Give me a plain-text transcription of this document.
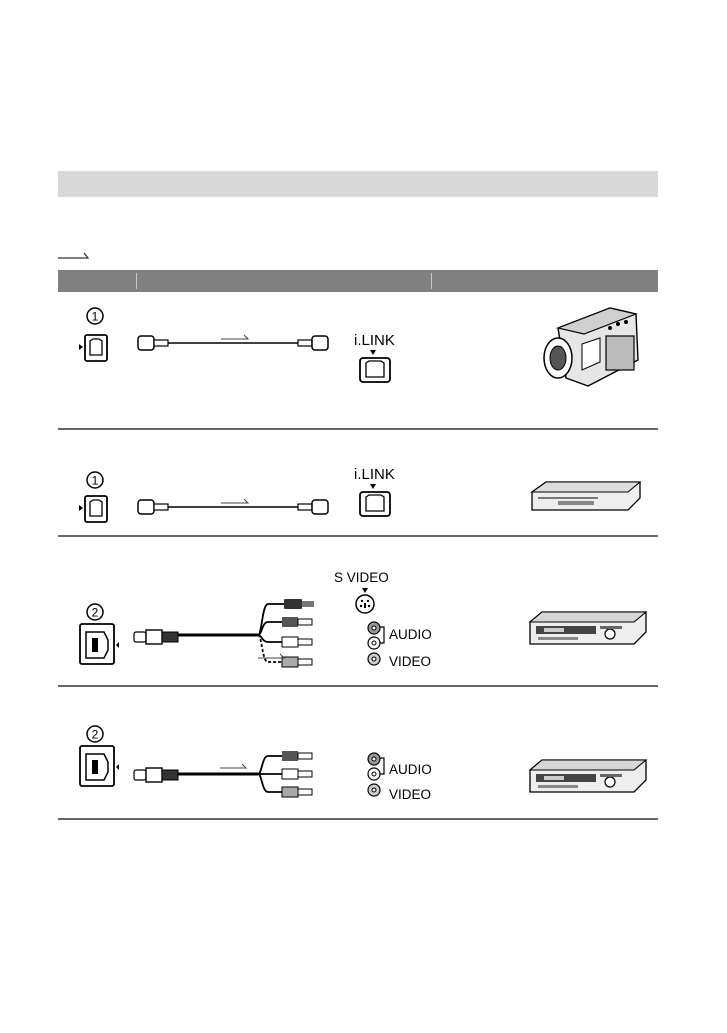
1
i.LINK
1	i.LINK
2
S VIDEO
AUDIO
VIDEO
2
AUDIO
VIDEO
